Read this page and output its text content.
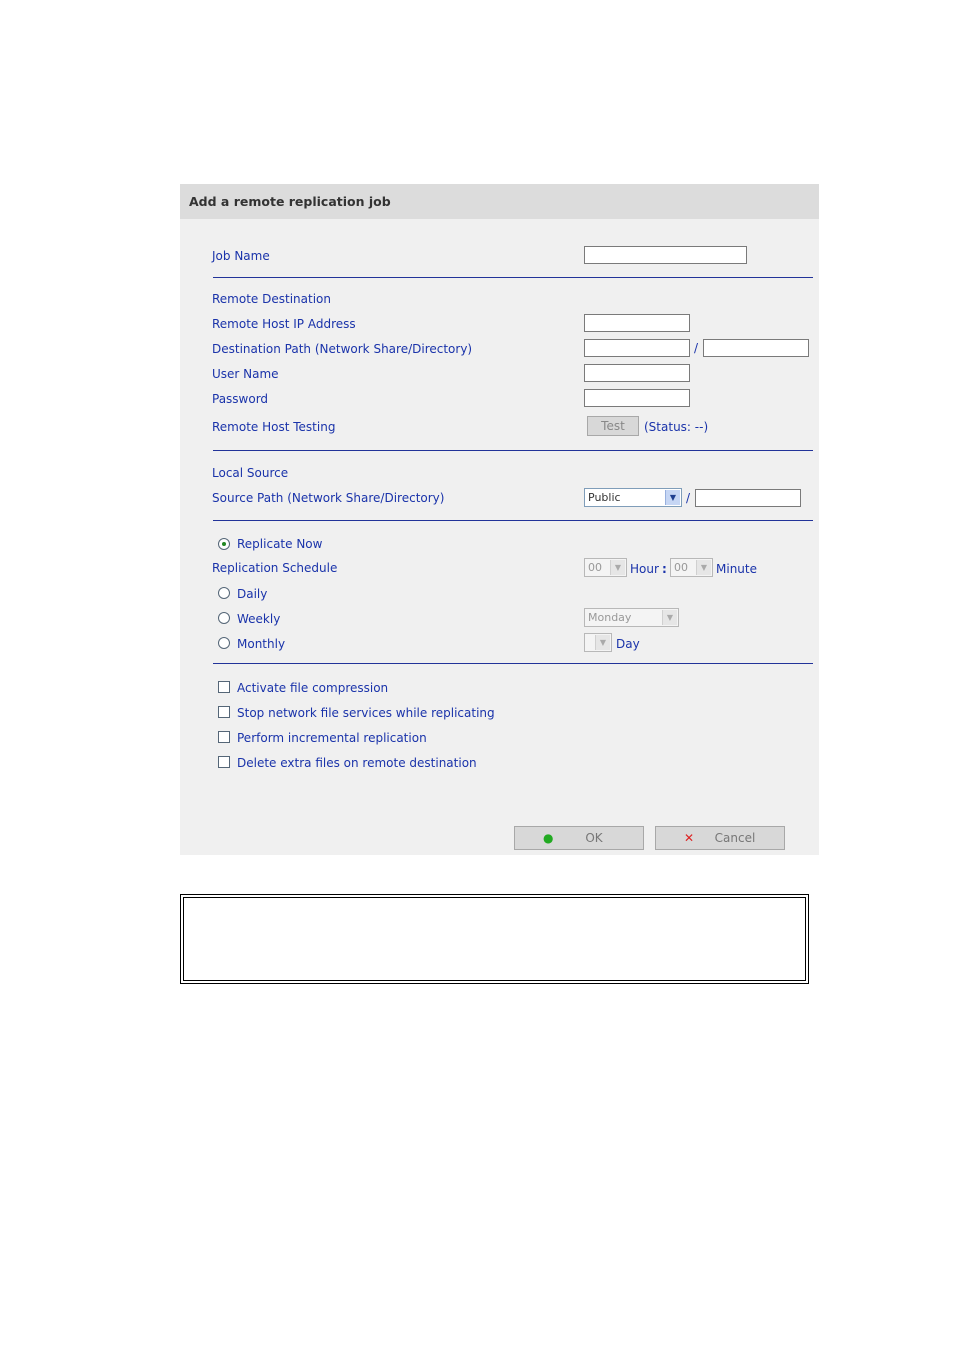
Add a remote replication job
Job Name
Remote Destination
Remote Host IP Address
Destination Path (Network Share/Directory)	/
User Name
Password
Remote Host Testing	Test	(Status: --)
Local Source
Source Path (Network Share/Directory)	Public	▼ /
Replicate Now
Replication Schedule	00	▼ Hour : 00	▼ Minute
Daily
Weekly	Monday	▼
Monthly	▼ Day
Activate file compression
Stop network file services while replicating
Perform incremental replication
Delete extra files on remote destination
●	OK	✕	Cancel
